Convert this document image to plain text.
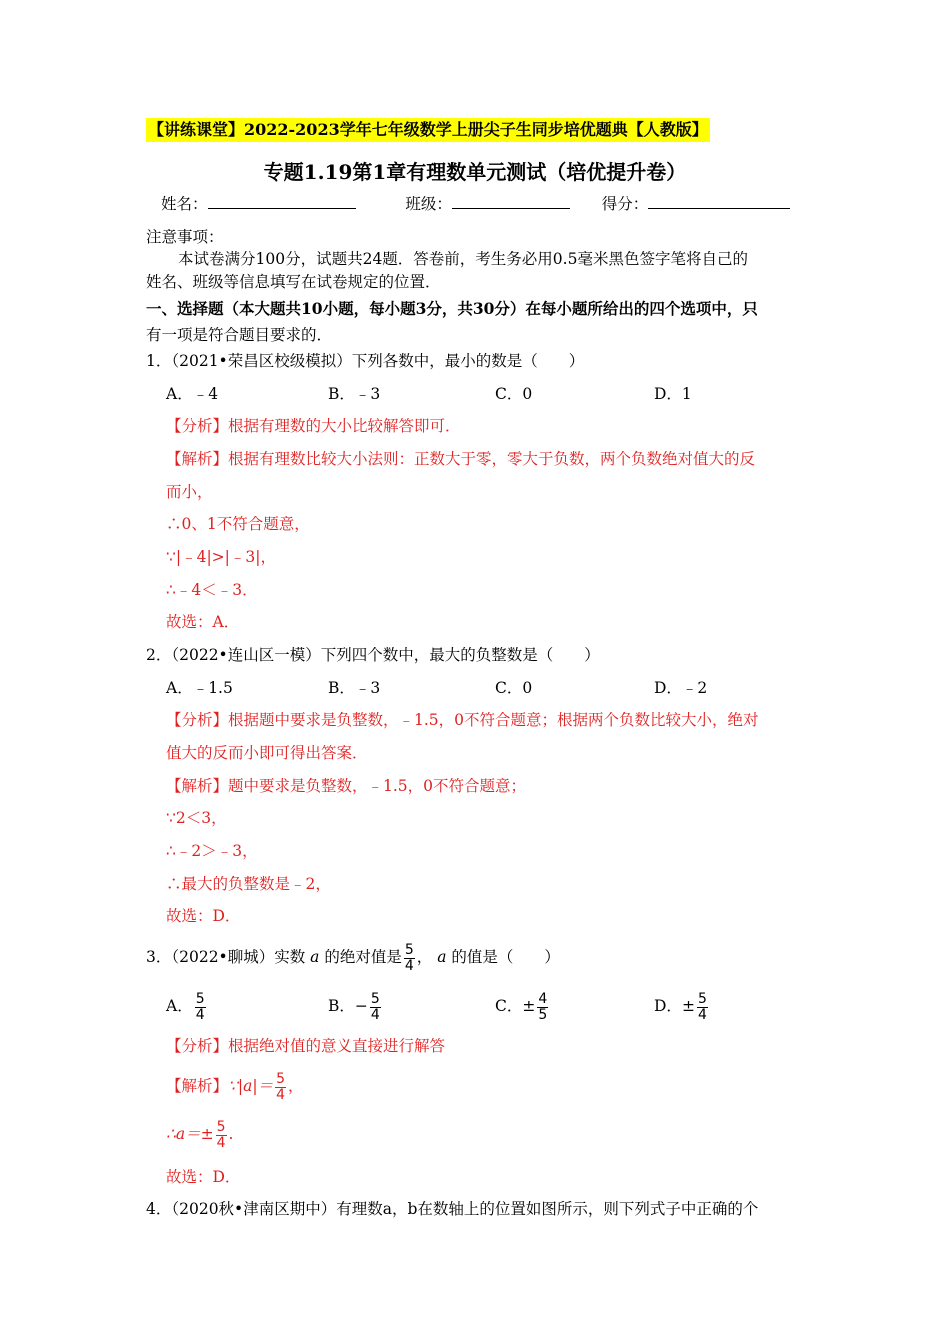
【讲练课堂】2022-2023学年七年级数学上册尖子生同步培优题典【人教版】
专题1.19第1章有理数单元测试（培优提升卷）
姓名：	班级：	得分：
注意事项：
本试卷满分100分，试题共24题．答卷前，考生务必用0.5毫米黑色签字笔将自己的
姓名、班级等信息填写在试卷规定的位置．
一、选择题（本大题共10小题，每小题3分，共30分）在每小题所给出的四个选项中，只
有一项是符合题目要求的．
1．（2021•荣昌区校级模拟）下列各数中，最小的数是（　　）
A．﹣4	B．﹣3	C．0	D．1
【分析】根据有理数的大小比较解答即可．
【解析】根据有理数比较大小法则：正数大于零，零大于负数，两个负数绝对值大的反
而小，
∴0、1不符合题意，
∵|﹣4|>|﹣3|，
∴﹣4＜﹣3．
故选：A．
2．（2022•连山区一模）下列四个数中，最大的负整数是（　　）
A．﹣1.5	B．﹣3	C．0	D．﹣2
【分析】根据题中要求是负整数，﹣1.5，0不符合题意；根据两个负数比较大小，绝对
值大的反而小即可得出答案．
【解析】题中要求是负整数，﹣1.5，0不符合题意；
∵2＜3，
∴﹣2＞﹣3，
∴最大的负整数是﹣2，
故选：D．
3．（2022•聊城）实数 a 的绝对值是 $\frac{5}{4}$ ， a 的值是（　　）
A． $\frac{5}{4}$	B．− $\frac{5}{4}$	C．± $\frac{4}{5}$	D．± $\frac{5}{4}$
【分析】根据绝对值的意义直接进行解答
【解析】∵|a|＝ $\frac{5}{4}$ ，
∴a＝± $\frac{5}{4}$ .
故选：D．
4．（2020秋•津南区期中）有理数a，b在数轴上的位置如图所示，则下列式子中正确的个
